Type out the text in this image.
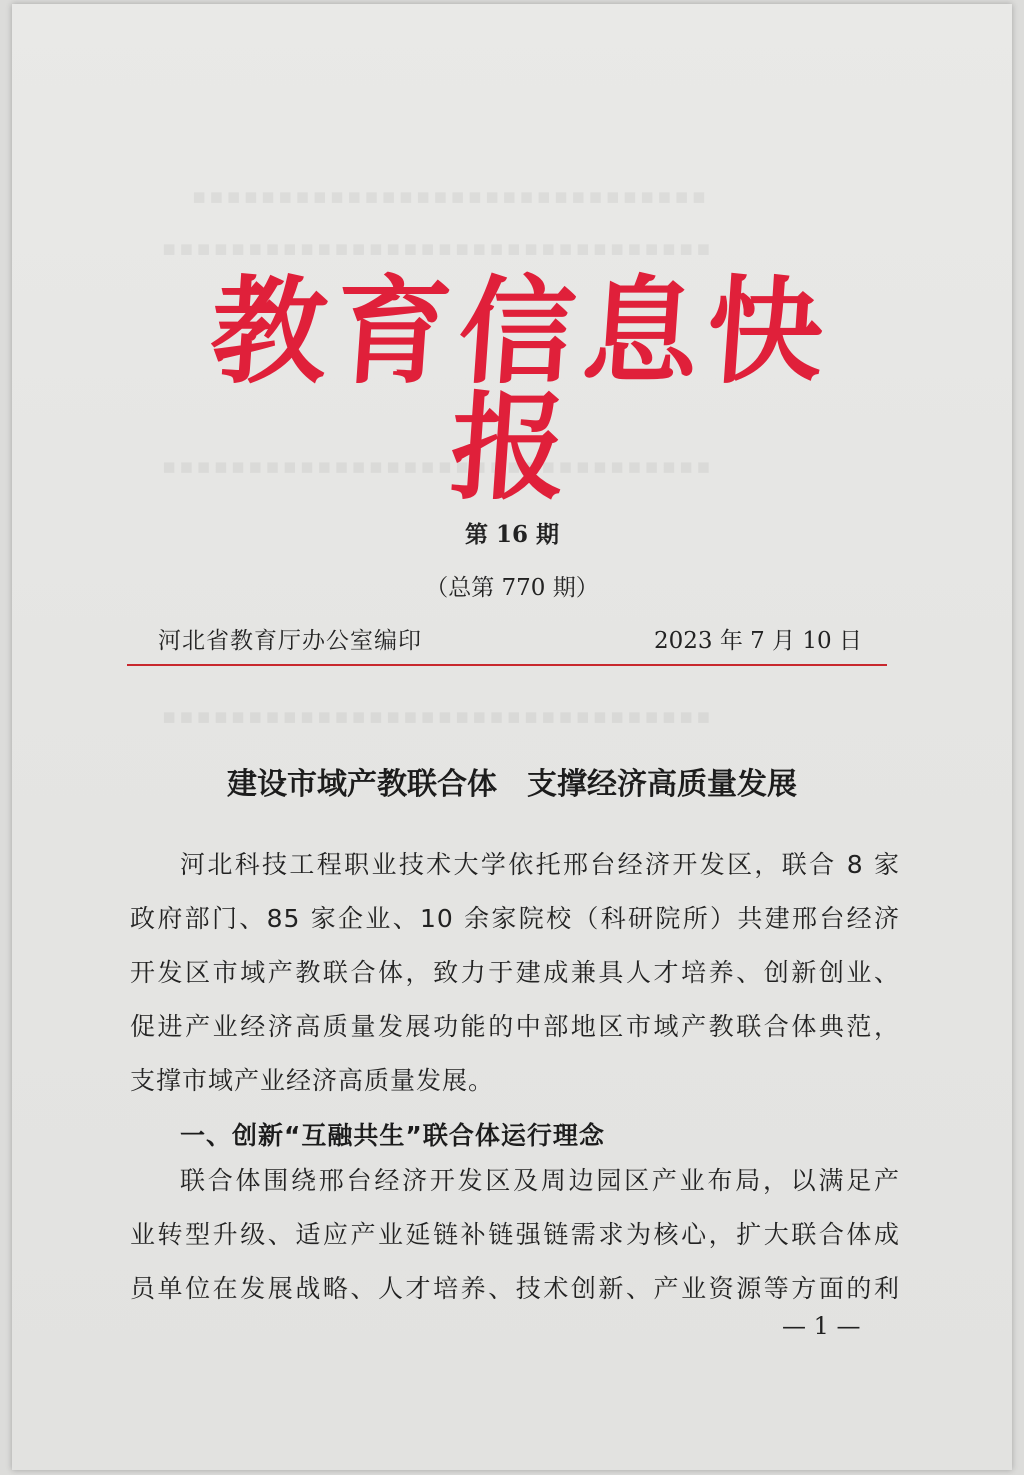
▪▪▪▪▪▪▪▪▪▪▪▪▪▪▪▪▪▪▪▪▪▪▪▪▪▪▪▪▪▪
▪▪▪▪▪▪▪▪▪▪▪▪▪▪▪▪▪▪▪▪▪▪▪▪▪▪▪▪▪▪▪▪
▪▪▪▪▪▪▪▪▪▪▪▪▪▪▪▪▪▪▪▪▪▪▪▪▪▪▪▪▪▪▪▪
▪▪▪▪▪▪▪▪▪▪▪▪▪▪▪▪▪▪▪▪▪▪▪▪▪▪▪▪▪▪▪▪
教育信息快报
第 16 期
（总第 770 期）
河北省教育厅办公室编印	2023 年 7 月 10 日
建设市域产教联合体　支撑经济高质量发展
河北科技工程职业技术大学依托邢台经济开发区，联合 8 家
政府部门、85 家企业、10 余家院校（科研院所）共建邢台经济
开发区市域产教联合体，致力于建成兼具人才培养、创新创业、
促进产业经济高质量发展功能的中部地区市域产教联合体典范，
支撑市域产业经济高质量发展。
一、创新“互融共生”联合体运行理念
联合体围绕邢台经济开发区及周边园区产业布局，以满足产
业转型升级、适应产业延链补链强链需求为核心，扩大联合体成
员单位在发展战略、人才培养、技术创新、产业资源等方面的利
— 1 —
